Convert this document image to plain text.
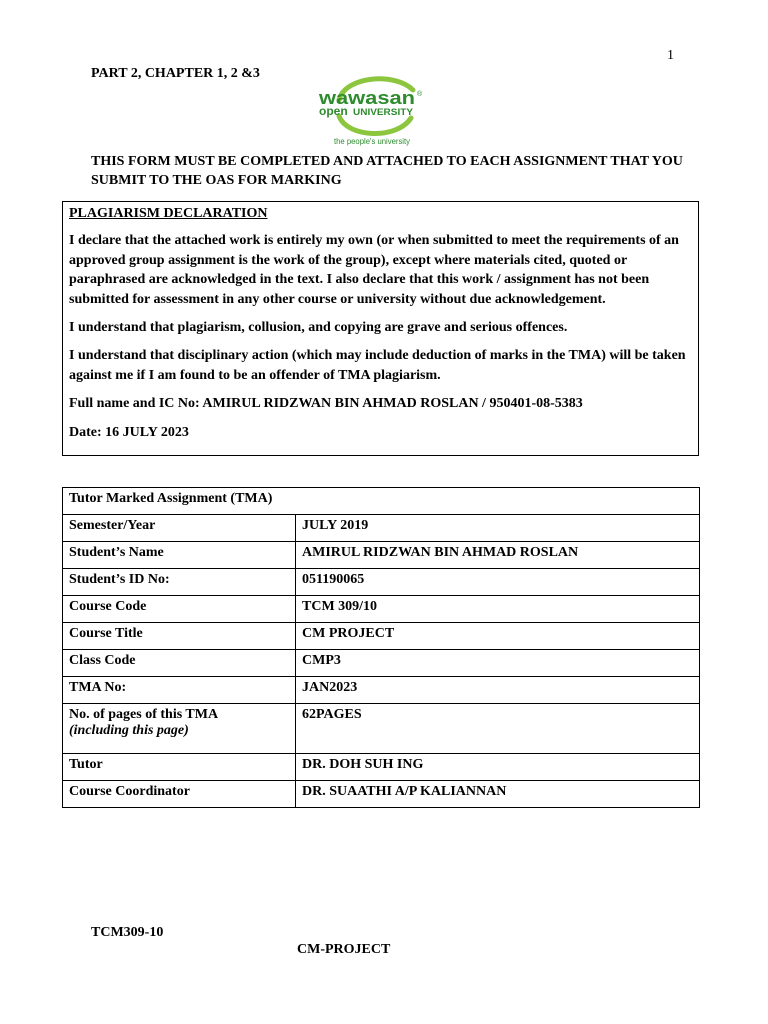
1
PART 2, CHAPTER 1, 2 &3
wawasan ®
open UNIVERSITY
the people's university
THIS FORM MUST BE COMPLETED AND ATTACHED TO EACH ASSIGNMENT THAT YOU SUBMIT TO THE OAS FOR MARKING
PLAGIARISM DECLARATION

I declare that the attached work is entirely my own (or when submitted to meet the requirements of an approved group assignment is the work of the group), except where materials cited, quoted or paraphrased are acknowledged in the text. I also declare that this work / assignment has not been submitted for assessment in any other course or university without due acknowledgement.

I understand that plagiarism, collusion, and copying are grave and serious offences.

I understand that disciplinary action (which may include deduction of marks in the TMA) will be taken against me if I am found to be an offender of TMA plagiarism.

Full name and IC No: AMIRUL RIDZWAN BIN AHMAD ROSLAN / 950401-08-5383

Date: 16 JULY 2023

Tutor Marked Assignment (TMA)	
Semester/Year	JULY 2019
Student’s Name	AMIRUL RIDZWAN BIN AHMAD ROSLAN
Student’s ID No:	051190065
Course Code	TCM 309/10
Course Title	CM PROJECT
Class Code	CMP3
TMA No:	JAN2023
No. of pages of this TMA
(including this page)	62PAGES
Tutor	DR. DOH SUH ING
Course Coordinator	DR. SUAATHI A/P KALIANNAN
TCM309-10
CM-PROJECT
